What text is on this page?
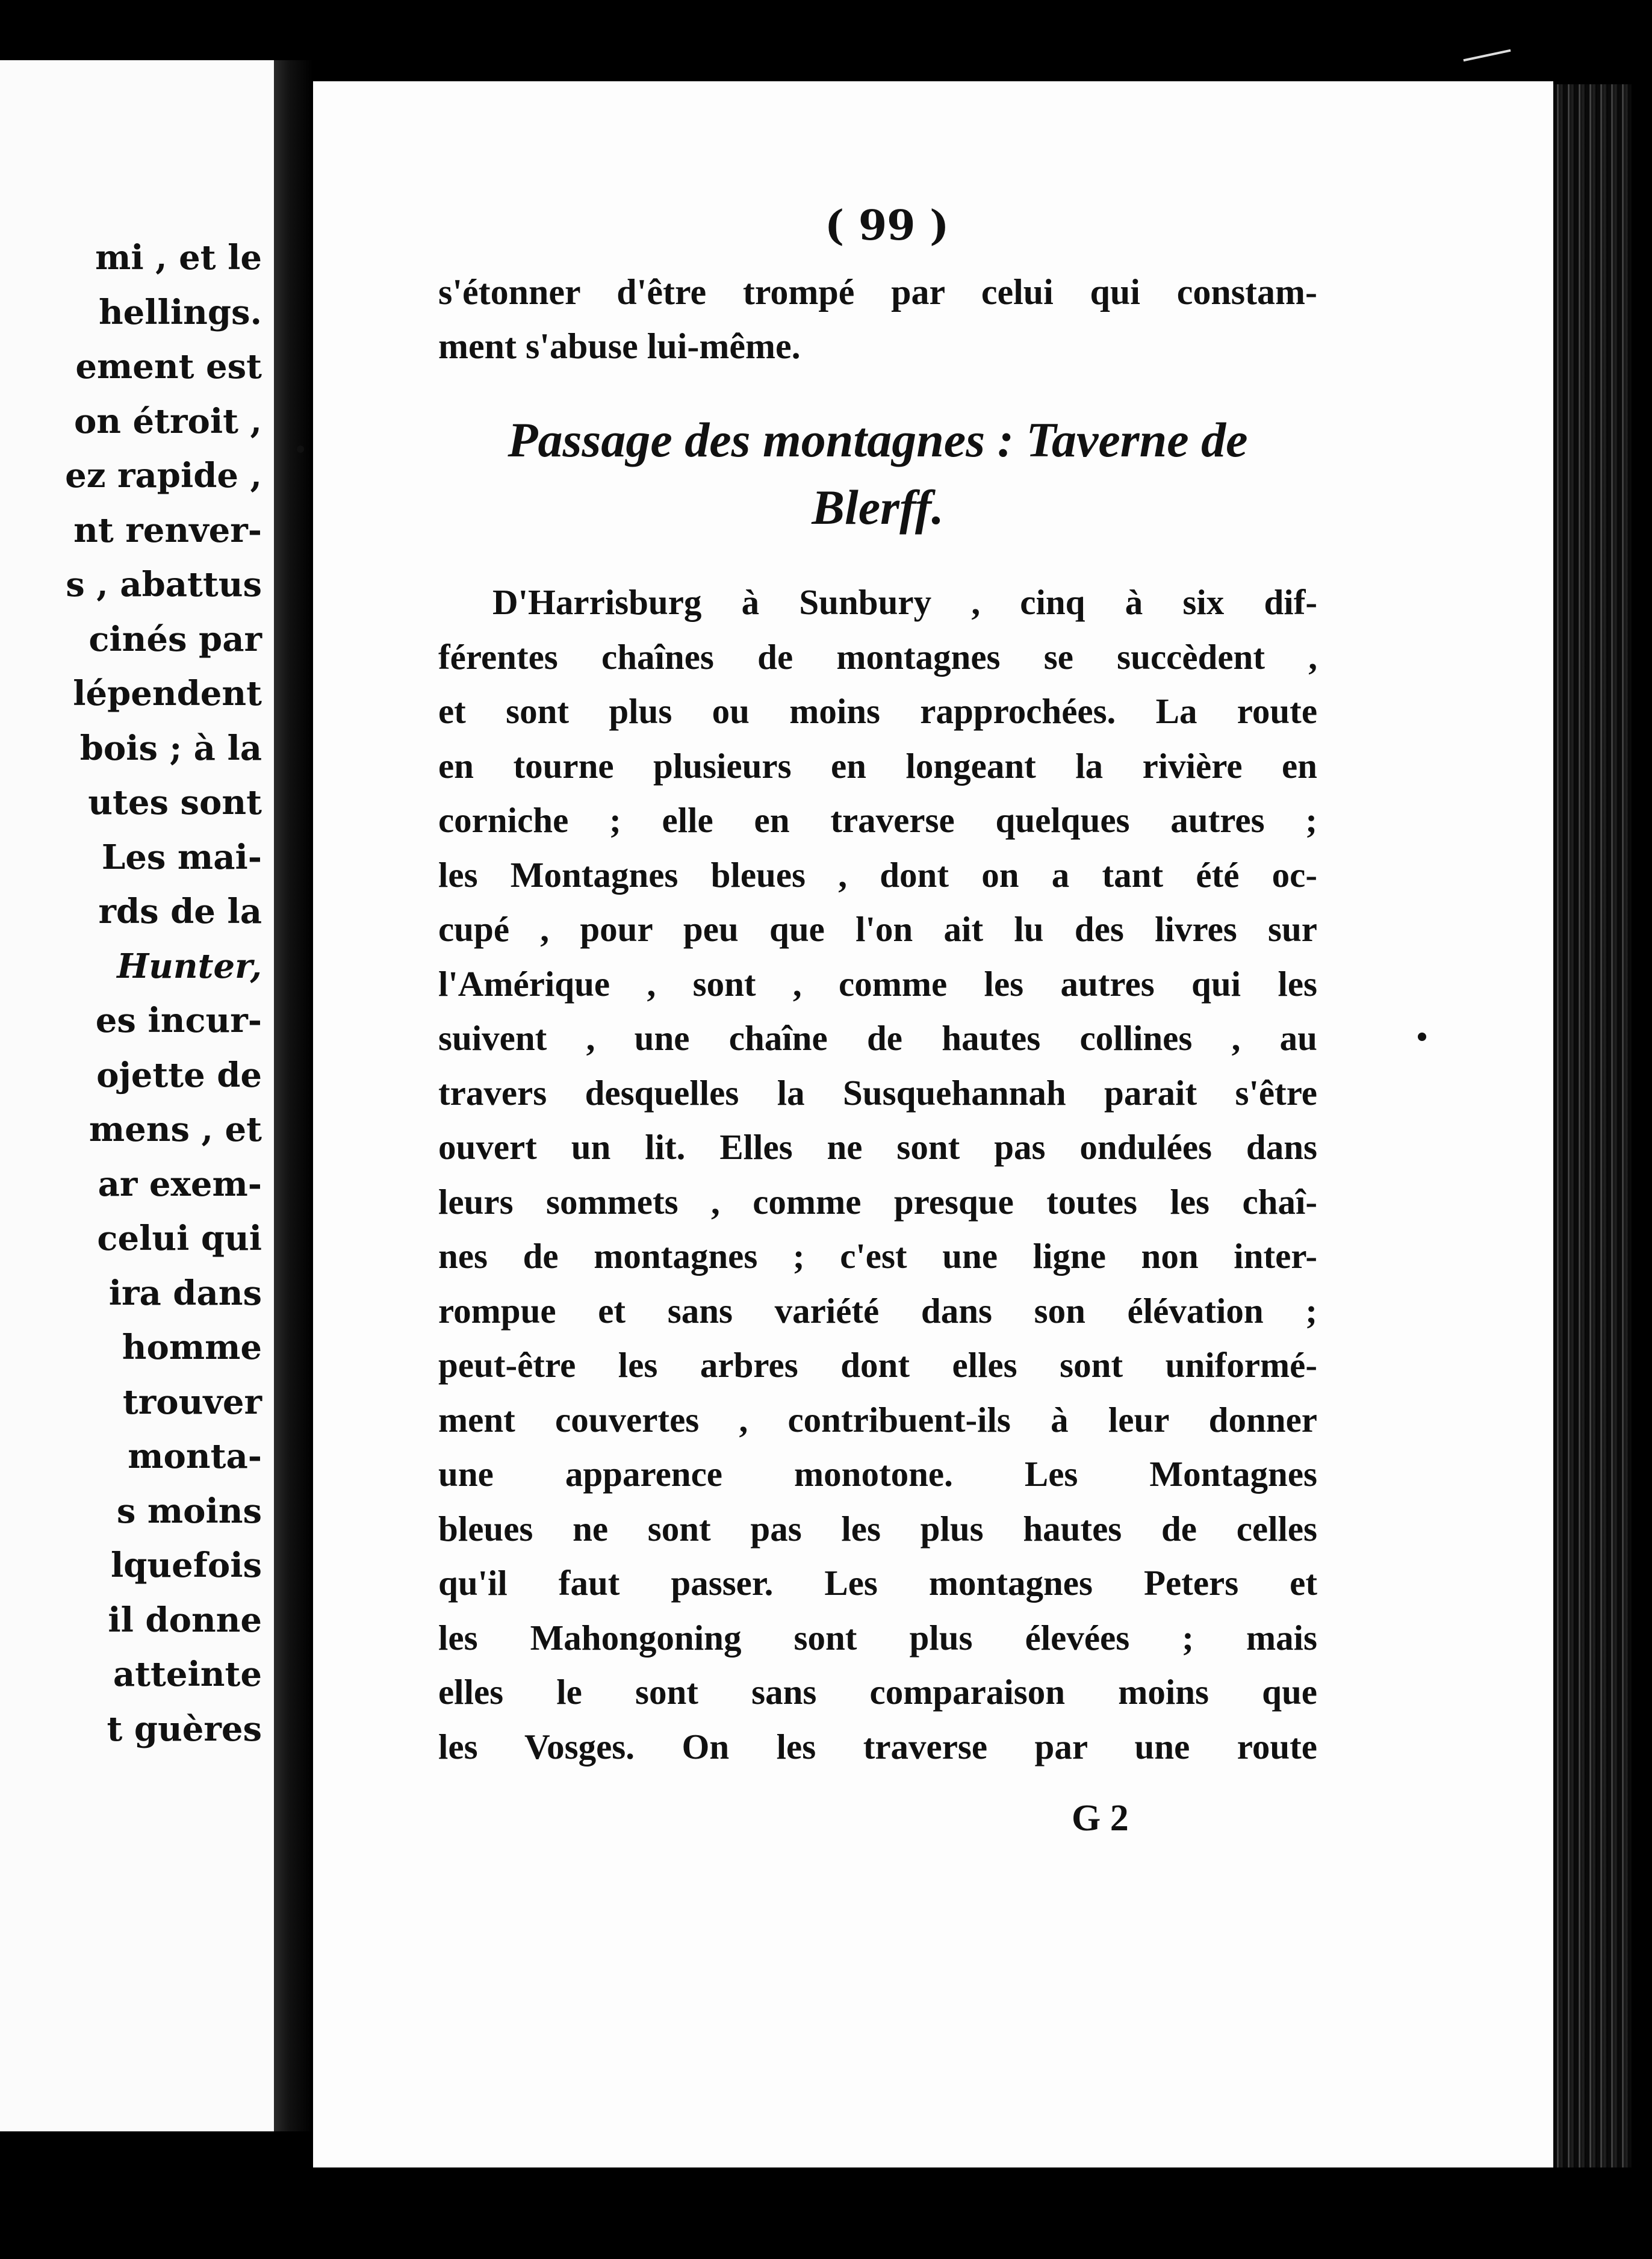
mi , et le
hellings.
ement est
on étroit ,
ez rapide ,
nt renver-
s , abattus
cinés par
lépendent
bois ; à la
utes sont
Les mai-
rds de la
Hunter,
es incur-
ojette de
mens , et
ar exem-
celui qui
ira dans
homme
trouver
monta-
s moins
lquefois
il donne
atteinte
t guères
( 99 )
s'étonner d'être trompé par celui qui constam-
ment s'abuse lui-même.
Passage des montagnes : Taverne de
Blerff.
D'Harrisburg à Sunbury , cinq à six dif-
férentes chaînes de montagnes se succèdent ,
et sont plus ou moins rapprochées. La route
en tourne plusieurs en longeant la rivière en
corniche ; elle en traverse quelques autres ;
les Montagnes bleues , dont on a tant été oc-
cupé , pour peu que l'on ait lu des livres sur
l'Amérique , sont , comme les autres qui les
suivent , une chaîne de hautes collines , au
travers desquelles la Susquehannah parait s'être
ouvert un lit. Elles ne sont pas ondulées dans
leurs sommets , comme presque toutes les chaî-
nes de montagnes ; c'est une ligne non inter-
rompue et sans variété dans son élévation ;
peut-être les arbres dont elles sont uniformé-
ment couvertes , contribuent-ils à leur donner
une apparence monotone. Les Montagnes
bleues ne sont pas les plus hautes de celles
qu'il faut passer. Les montagnes Peters et
les Mahongoning sont plus élevées ; mais
elles le sont sans comparaison moins que
les Vosges. On les traverse par une route
G 2
